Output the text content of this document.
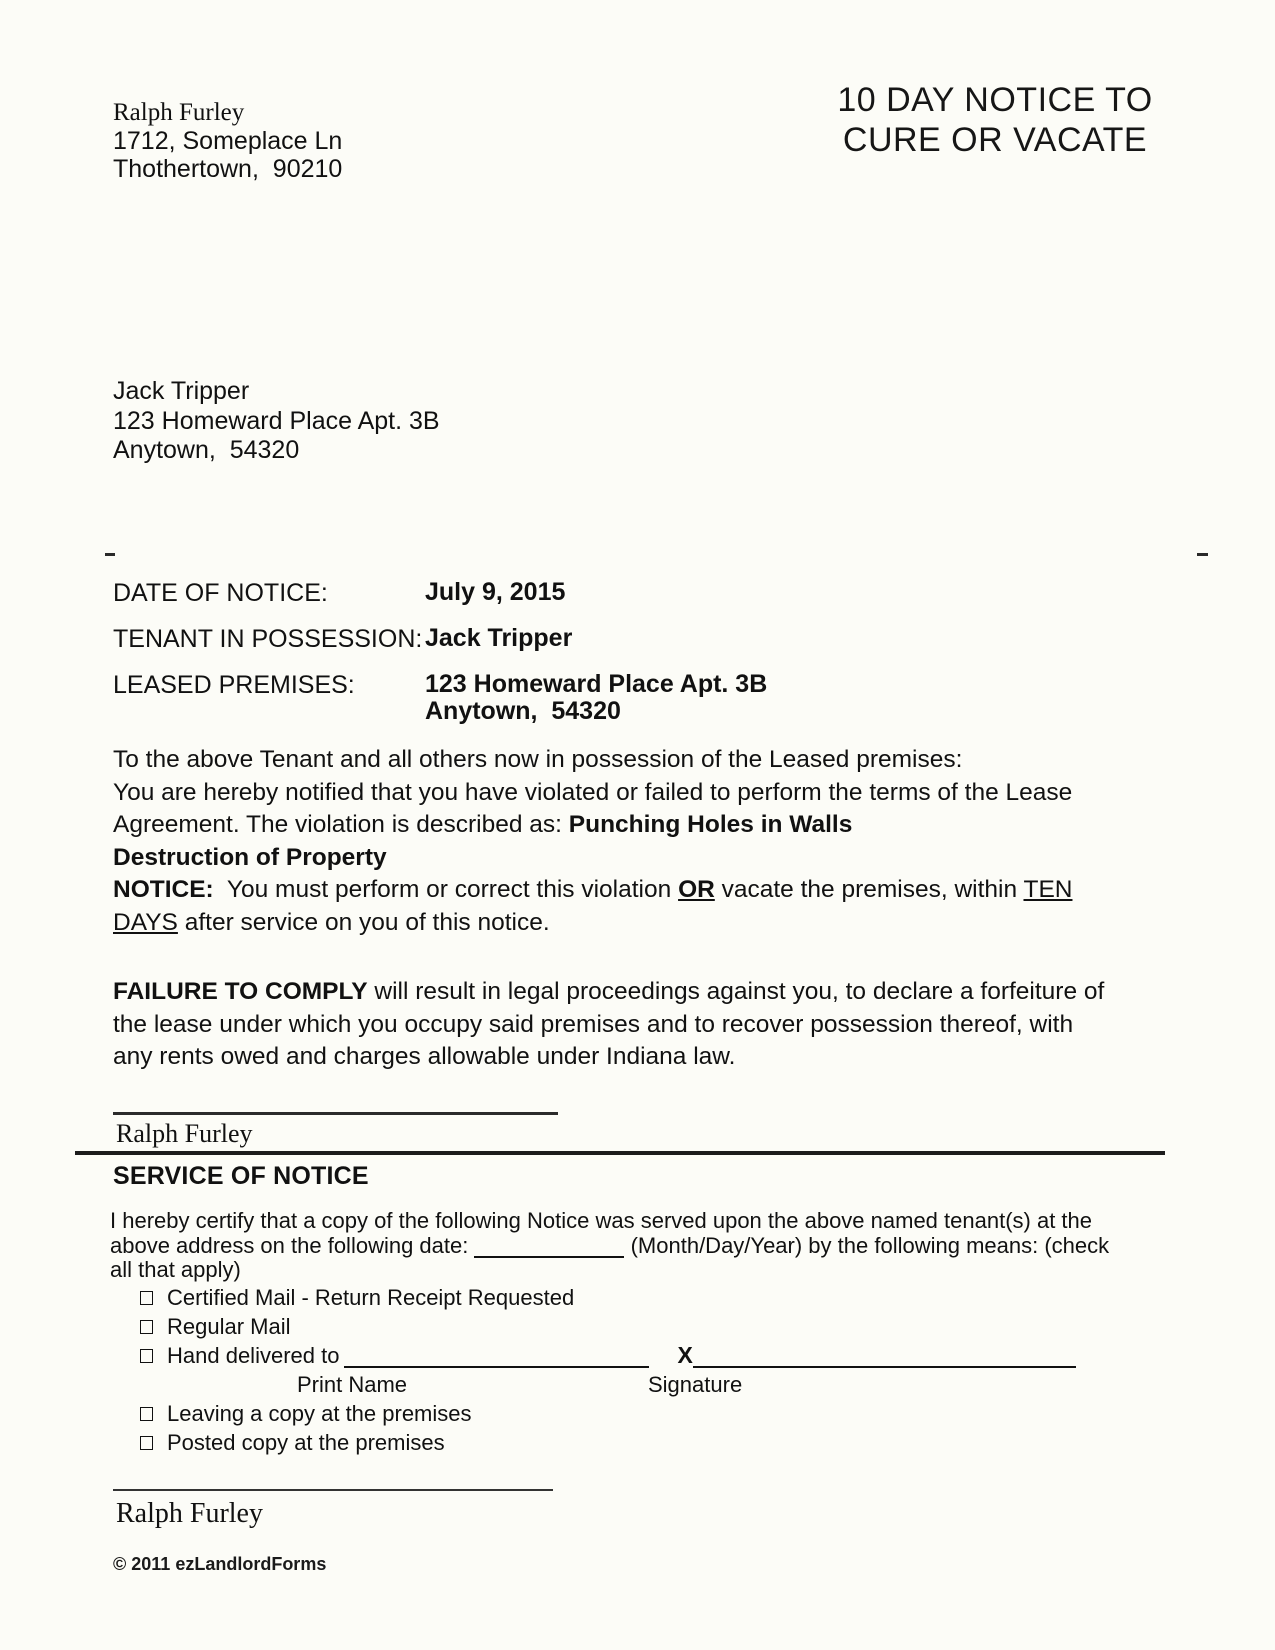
Ralph Furley
1712, Someplace Ln
Thothertown,  90210
10 DAY NOTICE TO
CURE OR VACATE
Jack Tripper
123 Homeward Place Apt. 3B
Anytown,  54320
DATE OF NOTICE:	July 9, 2015
TENANT IN POSSESSION: Jack Tripper
LEASED PREMISES:	123 Homeward Place Apt. 3B
Anytown,  54320
To the above Tenant and all others now in possession of the Leased premises:
You are hereby notified that you have violated or failed to perform the terms of the Lease Agreement. The violation is described as: Punching Holes in Walls
Destruction of Property
NOTICE:  You must perform or correct this violation OR vacate the premises, within TEN DAYS after service on you of this notice.
FAILURE TO COMPLY will result in legal proceedings against you, to declare a forfeiture of the lease under which you occupy said premises and to recover possession thereof, with any rents owed and charges allowable under Indiana law.
Ralph Furley
SERVICE OF NOTICE
I hereby certify that a copy of the following Notice was served upon the above named tenant(s) at the above address on the following date:	(Month/Day/Year) by the following means: (check all that apply)
Certified Mail - Return Receipt Requested
Regular Mail
Hand delivered to	X
Print Name	Signature
Leaving a copy at the premises
Posted copy at the premises
Ralph Furley
© 2011 ezLandlordForms
